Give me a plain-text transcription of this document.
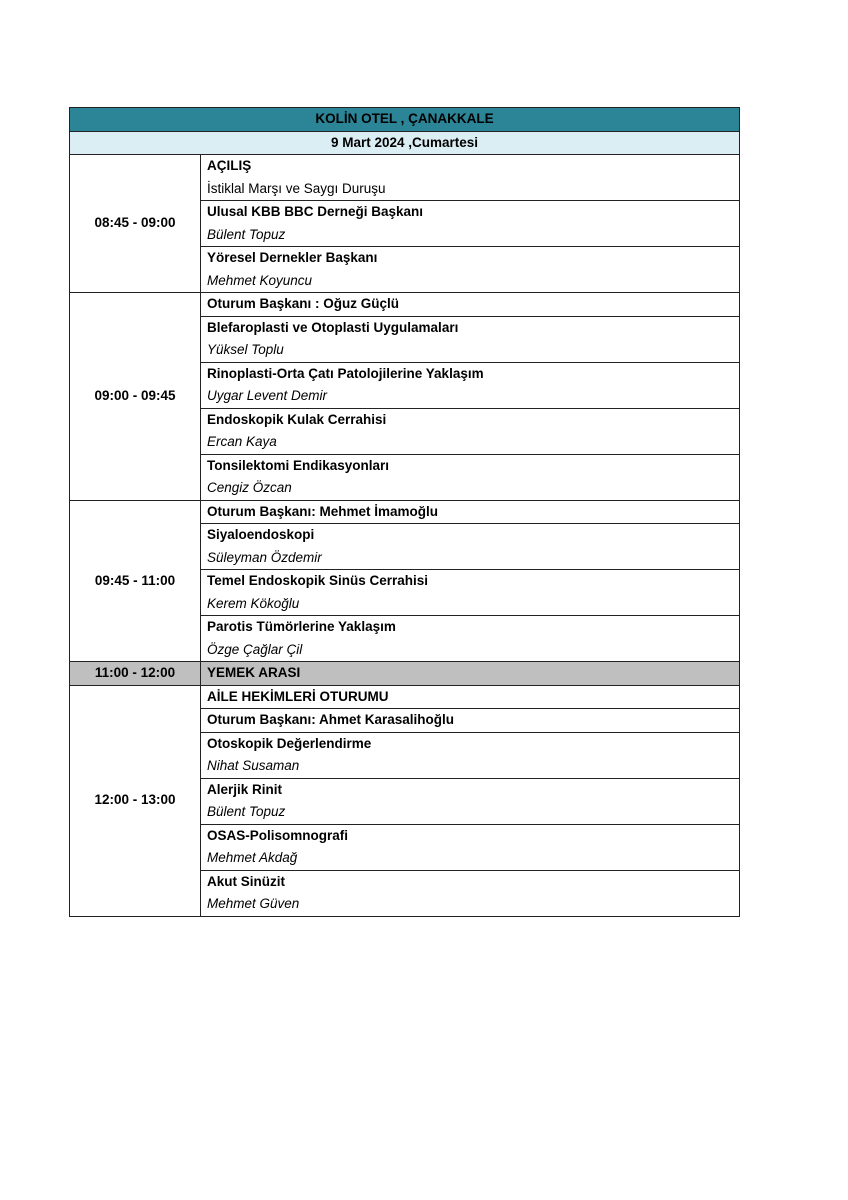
KOLİN OTEL , ÇANAKKALE	
9 Mart 2024 ,Cumartesi	
08:45 - 09:00	AÇILIŞ
	İstiklal Marşı ve Saygı Duruşu
	Ulusal KBB BBC Derneği Başkanı
	Bülent Topuz
	Yöresel Dernekler Başkanı
	Mehmet Koyuncu
09:00 - 09:45	Oturum Başkanı : Oğuz Güçlü
	Blefaroplasti ve Otoplasti Uygulamaları
	Yüksel Toplu
	Rinoplasti-Orta Çatı Patolojilerine Yaklaşım
	Uygar Levent Demir
	Endoskopik Kulak Cerrahisi
	Ercan Kaya
	Tonsilektomi Endikasyonları
	Cengiz Özcan
09:45 - 11:00	Oturum Başkanı: Mehmet İmamoğlu
	Siyaloendoskopi
	Süleyman Özdemir
	Temel Endoskopik Sinüs Cerrahisi
	Kerem Kökoğlu
	Parotis Tümörlerine Yaklaşım
	Özge Çağlar Çil
11:00 - 12:00	YEMEK ARASI
12:00 - 13:00	AİLE HEKİMLERİ OTURUMU
	Oturum Başkanı: Ahmet Karasalihoğlu
	Otoskopik Değerlendirme
	Nihat Susaman
	Alerjik Rinit
	Bülent Topuz
	OSAS-Polisomnografi
	Mehmet Akdağ
	Akut Sinüzit
	Mehmet Güven
